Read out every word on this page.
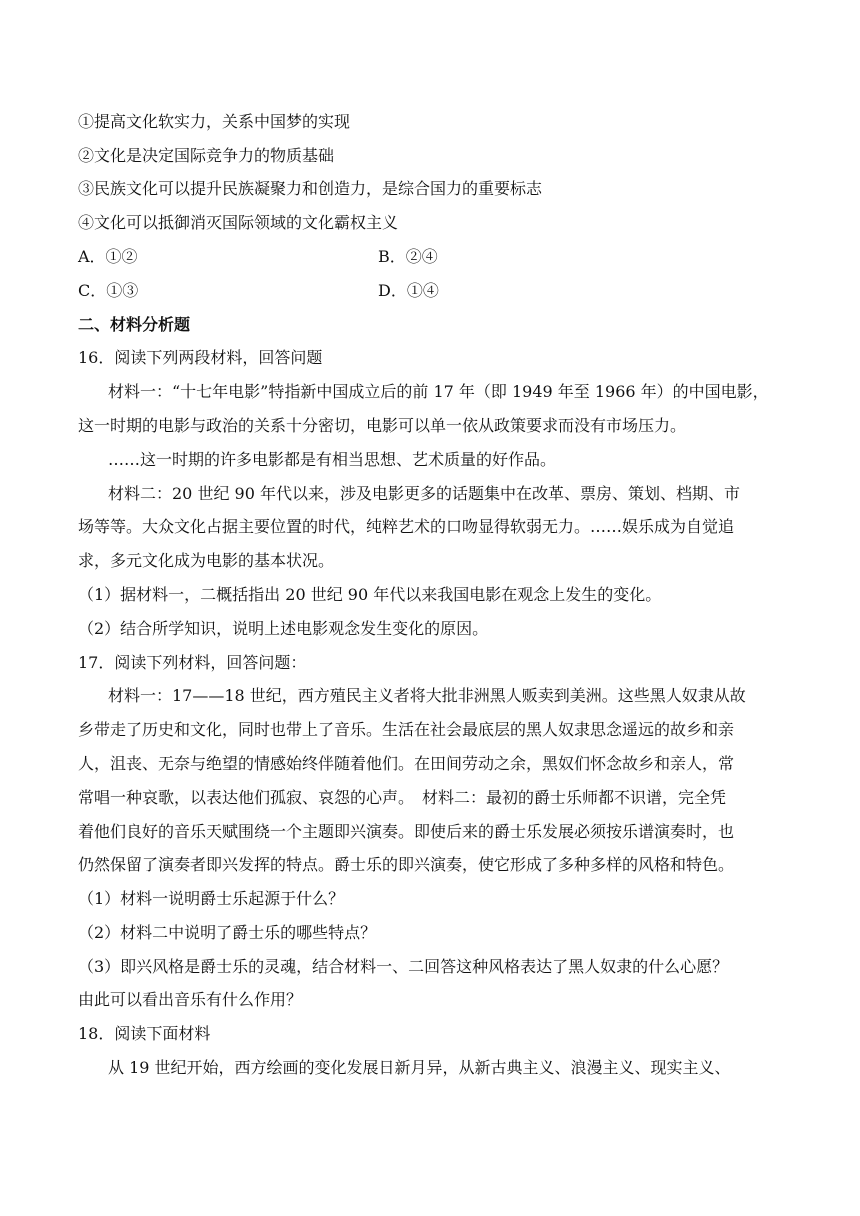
①提高文化软实力，关系中国梦的实现
②文化是决定国际竞争力的物质基础
③民族文化可以提升民族凝聚力和创造力，是综合国力的重要标志
④文化可以抵御消灭国际领域的文化霸权主义
A．①②	B．②④
C．①③	D．①④
二、材料分析题
16．阅读下列两段材料，回答问题
材料一：“十七年电影”特指新中国成立后的前 17 年（即 1949 年至 1966 年）的中国电影，
这一时期的电影与政治的关系十分密切，电影可以单一依从政策要求而没有市场压力。
……这一时期的许多电影都是有相当思想、艺术质量的好作品。
材料二：20 世纪 90 年代以来，涉及电影更多的话题集中在改革、票房、策划、档期、市
场等等。大众文化占据主要位置的时代，纯粹艺术的口吻显得软弱无力。……娱乐成为自觉追
求，多元文化成为电影的基本状况。
（1）据材料一，二概括指出 20 世纪 90 年代以来我国电影在观念上发生的变化。
（2）结合所学知识，说明上述电影观念发生变化的原因。
17．阅读下列材料，回答问题：
材料一：17——18 世纪，西方殖民主义者将大批非洲黑人贩卖到美洲。这些黑人奴隶从故
乡带走了历史和文化，同时也带上了音乐。生活在社会最底层的黑人奴隶思念遥远的故乡和亲
人，沮丧、无奈与绝望的情感始终伴随着他们。在田间劳动之余，黑奴们怀念故乡和亲人，常
常唱一种哀歌，以表达他们孤寂、哀怨的心声。　材料二：最初的爵士乐师都不识谱，完全凭
着他们良好的音乐天赋围绕一个主题即兴演奏。即使后来的爵士乐发展必须按乐谱演奏时，也
仍然保留了演奏者即兴发挥的特点。爵士乐的即兴演奏，使它形成了多种多样的风格和特色。
（1）材料一说明爵士乐起源于什么？
（2）材料二中说明了爵士乐的哪些特点？
（3）即兴风格是爵士乐的灵魂，结合材料一、二回答这种风格表达了黑人奴隶的什么心愿？
由此可以看出音乐有什么作用？
18．阅读下面材料
从 19 世纪开始，西方绘画的变化发展日新月异，从新古典主义、浪漫主义、现实主义、
